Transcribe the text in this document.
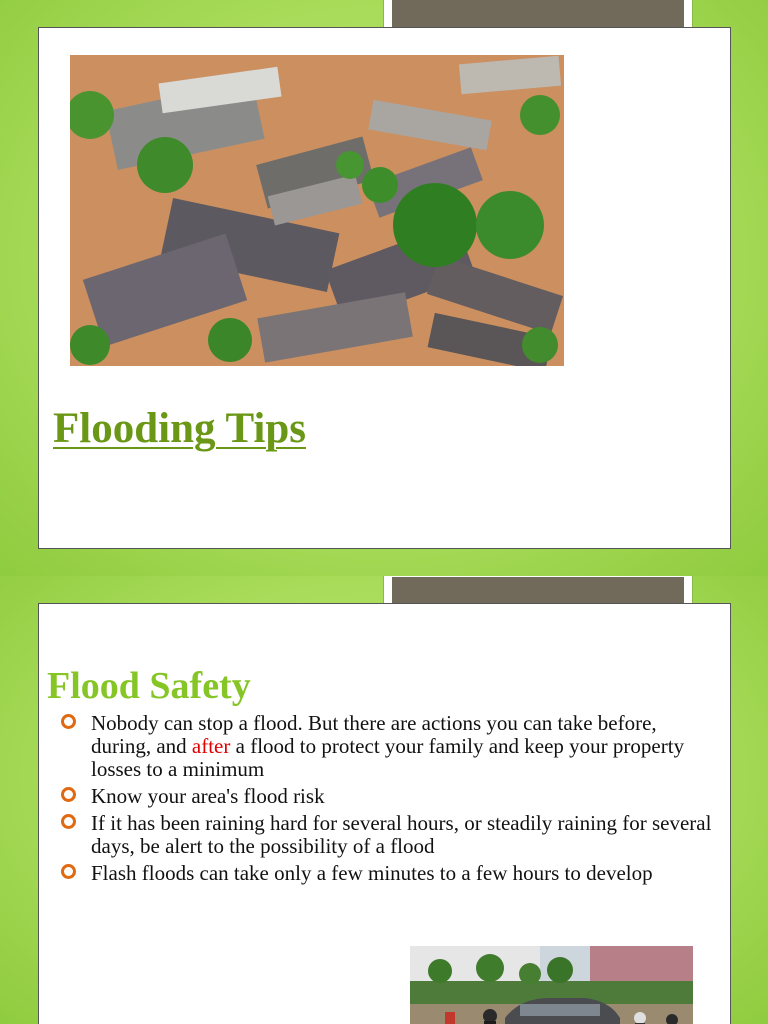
Flooding Tips
Flood Safety
Nobody can stop a flood. But there are actions you can take before, during, and after a flood to protect your family and keep your property losses to a minimum
Know your area's flood risk
If it has been raining hard for several hours, or steadily raining for several days, be alert to the possibility of a flood
Flash floods can take only a few minutes to a few hours to develop
